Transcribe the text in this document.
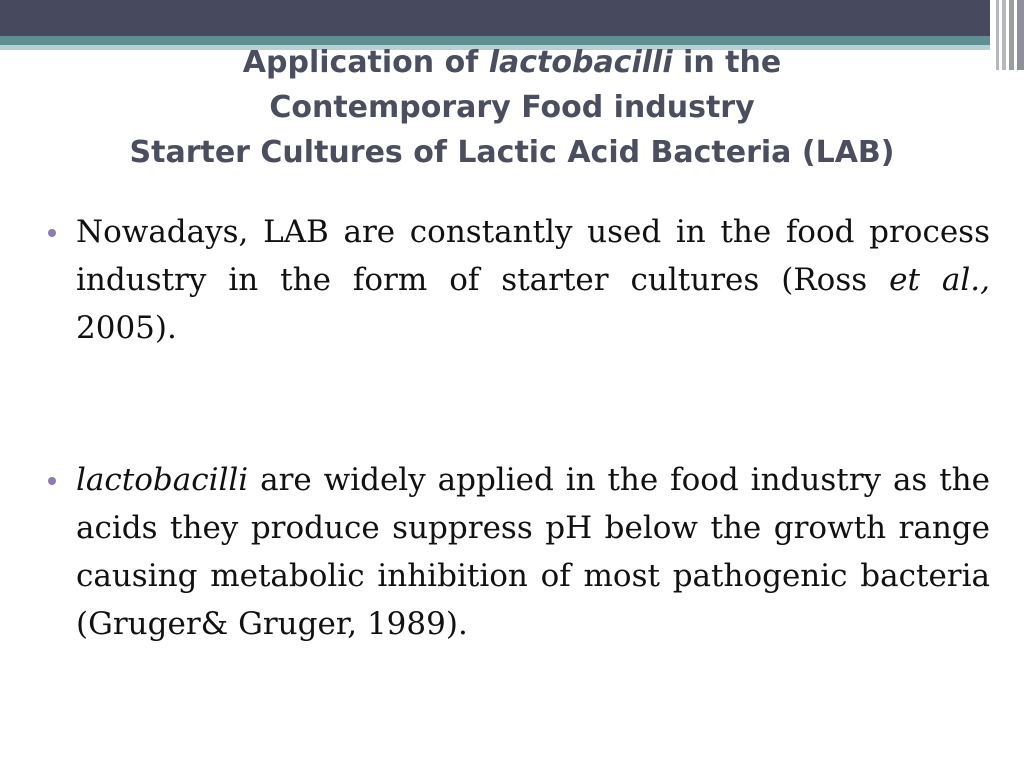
Application of lactobacilli in the
Contemporary Food industry
Starter Cultures of Lactic Acid Bacteria (LAB)
Nowadays, LAB are constantly used in the food process industry in the form of starter cultures (Ross et al., 2005).
lactobacilli are widely applied in the food industry as the acids they produce suppress pH below the growth range causing metabolic inhibition of most pathogenic bacteria (Gruger& Gruger, 1989).
